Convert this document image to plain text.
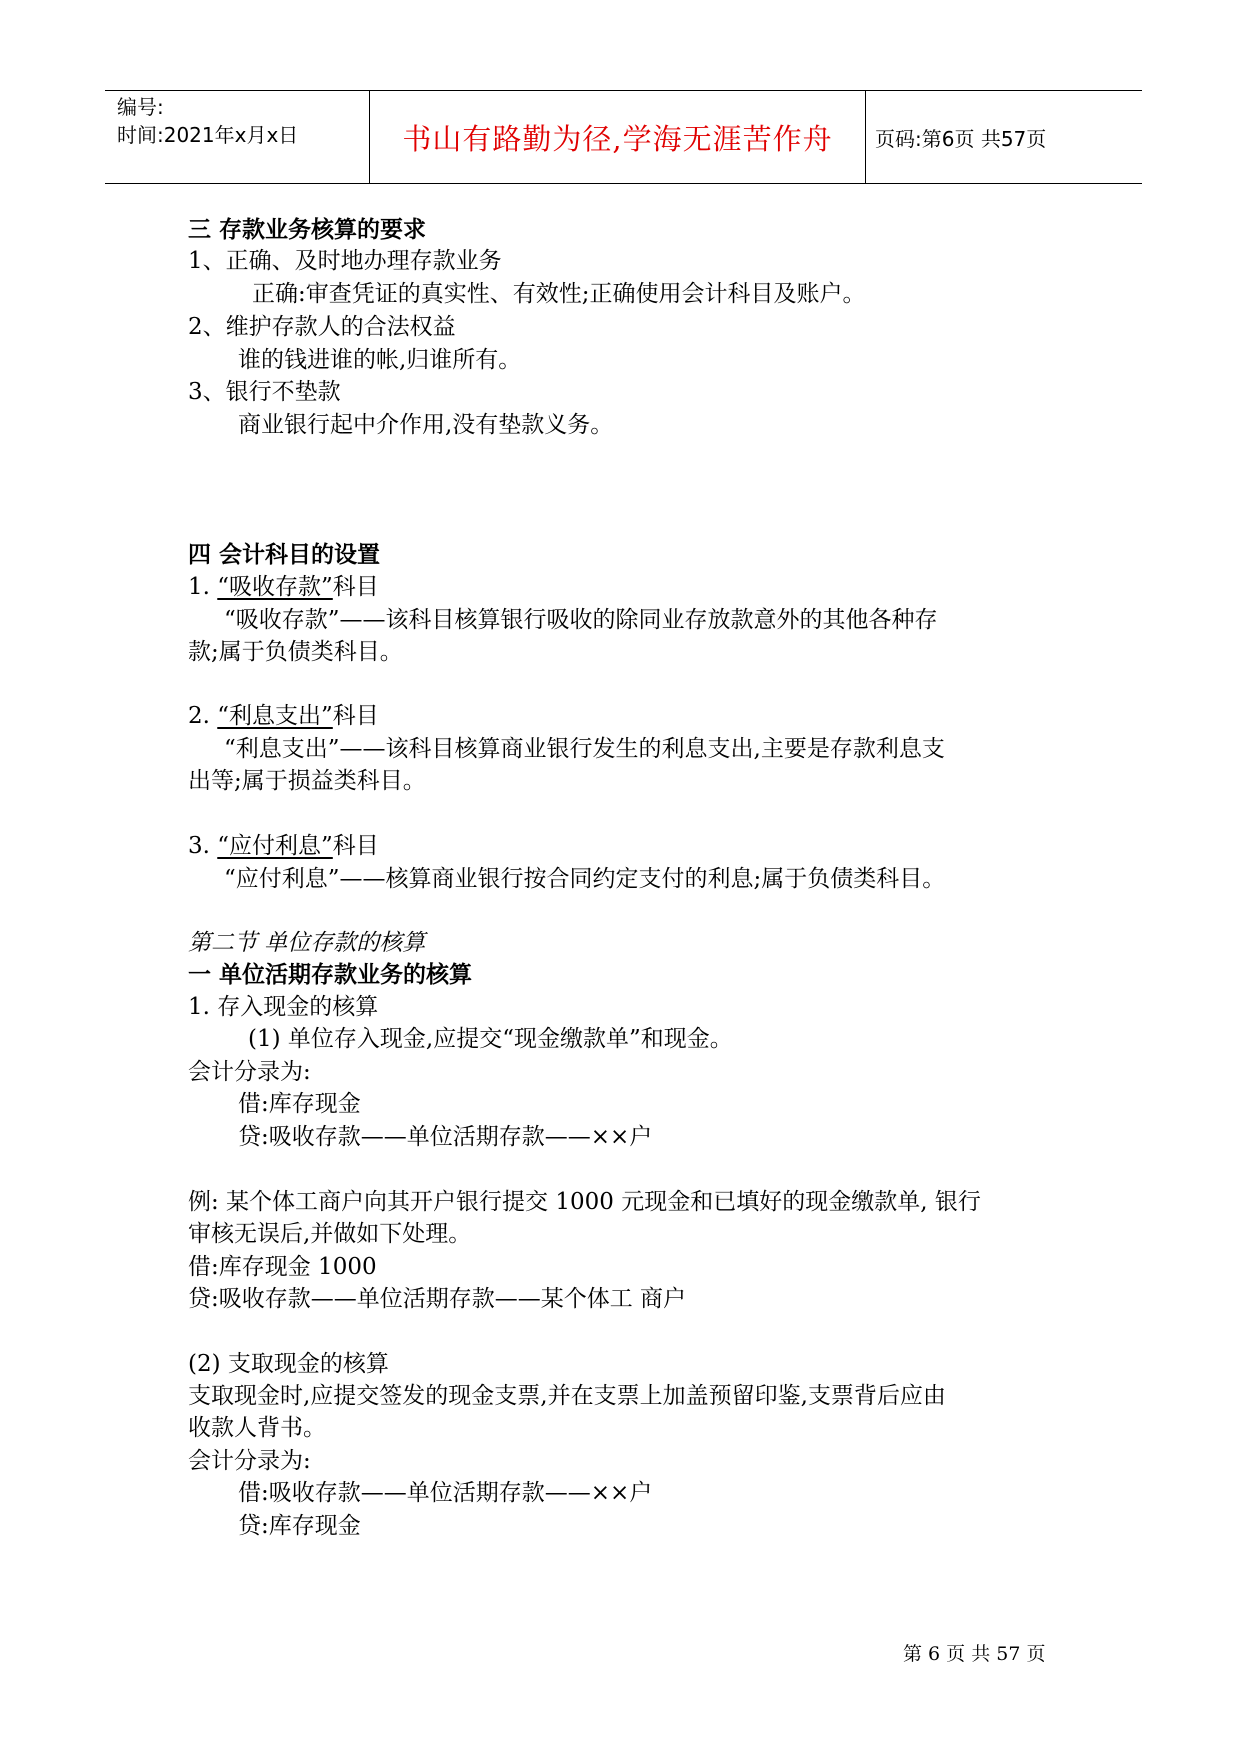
编号:
时间:2021年x月x日	书山有路勤为径,学海无涯苦作舟	页码:第6页 共57页
三 存款业务核算的要求
1、正确、及时地办理存款业务
正确:审查凭证的真实性、有效性;正确使用会计科目及账户。
2、维护存款人的合法权益
谁的钱进谁的帐,归谁所有。
3、银行不垫款
商业银行起中介作用,没有垫款义务。
四 会计科目的设置
1. “吸收存款”科目
“吸收存款”——该科目核算银行吸收的除同业存放款意外的其他各种存
款;属于负债类科目。
2. “利息支出”科目
“利息支出”——该科目核算商业银行发生的利息支出,主要是存款利息支
出等;属于损益类科目。
3. “应付利息”科目
“应付利息”——核算商业银行按合同约定支付的利息;属于负债类科目。
第二节 单位存款的核算
一 单位活期存款业务的核算
1. 存入现金的核算
(1) 单位存入现金,应提交“现金缴款单”和现金。
会计分录为:
借:库存现金
贷:吸收存款——单位活期存款——××户
例: 某个体工商户向其开户银行提交 1000 元现金和已填好的现金缴款单, 银行
审核无误后,并做如下处理。
借:库存现金 1000
贷:吸收存款——单位活期存款——某个体工 商户
(2) 支取现金的核算
支取现金时,应提交签发的现金支票,并在支票上加盖预留印鉴,支票背后应由
收款人背书。
会计分录为:
借:吸收存款——单位活期存款——××户
贷:库存现金
第 6 页 共 57 页
